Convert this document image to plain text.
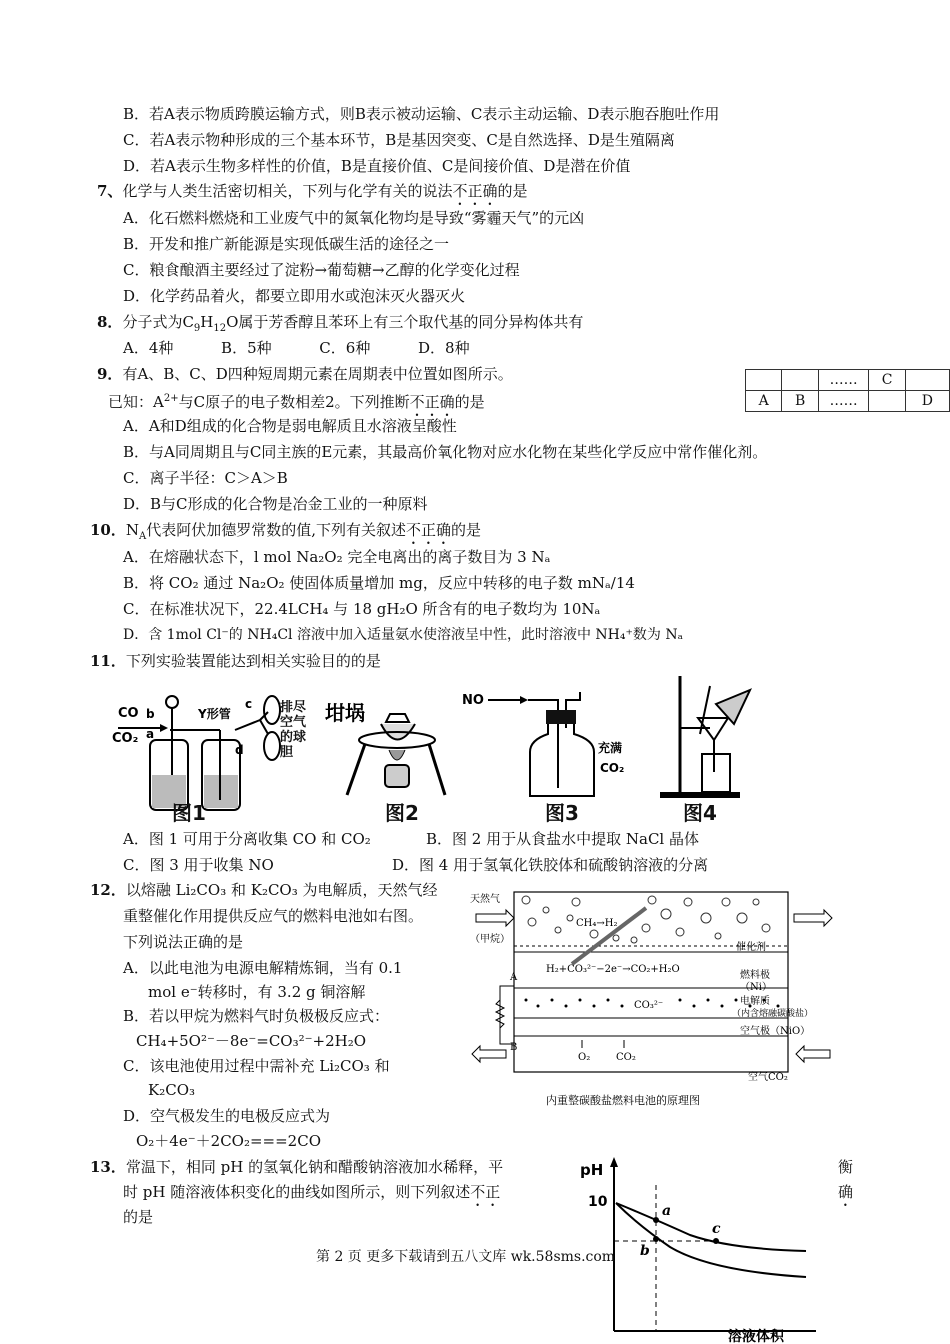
B．若A表示物质跨膜运输方式，则B表示被动运输、C表示主动运输、D表示胞吞胞吐作用
C．若A表示物种形成的三个基本环节，B是基因突变、C是自然选择、D是生殖隔离
D．若A表示生物多样性的价值，B是直接价值、C是间接价值、D是潜在价值
7、化学与人类生活密切相关，下列与化学有关的说法不正确的是
A．化石燃料燃烧和工业废气中的氮氧化物均是导致“雾霾天气”的元凶
B．开发和推广新能源是实现低碳生活的途径之一
C．粮食酿酒主要经过了淀粉→葡萄糖→乙醇的化学变化过程
D．化学药品着火，都要立即用水或泡沫灭火器灭火
8．分子式为$C_9H_{12}O$属于芳香醇且苯环上有三个取代基的同分异构体共有
A．4种          B．5种          C．6种          D．8种
9．有A、B、C、D四种短周期元素在周期表中位置如图所示。
已知：$A^{2+}$与C原子的电子数相差2。下列推断不正确的是
		……	C	
A	B	……		D
A．A和D组成的化合物是弱电解质且水溶液呈酸性
B．与A同周期且与C同主族的E元素，其最高价氧化物对应水化物在某些化学反应中常作催化剂。
C．离子半径：C＞A＞B
D．B与C形成的化合物是冶金工业的一种原料
10．$N_A$代表阿伏加德罗常数的值,下列有关叙述不正确的是
A．在熔融状态下，l mol Na₂O₂ 完全电离出的离子数目为 3 Nₐ
B．将 CO₂ 通过 Na₂O₂ 使固体质量增加 mg，反应中转移的电子数 mNₐ/14
C．在标准状况下，22.4LCH₄ 与 18 gH₂O 所含有的电子数均为 10Nₐ
D．含 1mol Cl⁻的 NH₄Cl 溶液中加入适量氨水使溶液呈中性，此时溶液中 NH₄⁺数为 Nₐ
11．下列实验装置能达到相关实验目的的是
CO
CO₂
b
a
Y形管
c
d
排尽空气的球胆
图1
坩埚
图2
NO
充满
CO₂
图3	图4
A．图 1 可用于分离收集 CO 和 CO₂	B．图 2 用于从食盐水中提取 NaCl 晶体
C．图 3 用于收集 NO	D．图 4 用于氢氧化铁胶体和硫酸钠溶液的分离
12．以熔融 Li₂CO₃ 和 K₂CO₃ 为电解质，天然气经
重整催化作用提供反应气的燃料电池如右图。
下列说法正确的是
A．以此电池为电源电解精炼铜，当有 0.1
mol e⁻转移时，有 3.2 g 铜溶解
B．若以甲烷为燃料气时负极极反应式：
CH₄+5O²⁻－8e⁻=CO₃²⁻+2H₂O
C．该电池使用过程中需补充 Li₂CO₃ 和
K₂CO₃
D．空气极发生的电极反应式为
O₂＋4e⁻＋2CO₂===2CO
CH₄→H₂
H₂+CO₃²⁻−2e⁻→CO₂+H₂O
CO₃²⁻
O₂	CO₂
天然气
（甲烷）
催化剂
燃料极
（Ni）
电解质
（内含熔融碳酸盐）
空气极（NiO）
空气CO₂
A
B
内重整碳酸盐燃料电池的原理图
13．常温下，相同 pH 的氢氧化钠和醋酸钠溶液加水稀释，平	衡
时 pH 随溶液体积变化的曲线如图所示，则下列叙述不正	确
的是
pH
10
a
b
c
溶液体积
第 2 页 更多下载请到五八文库 wk.58sms.com
